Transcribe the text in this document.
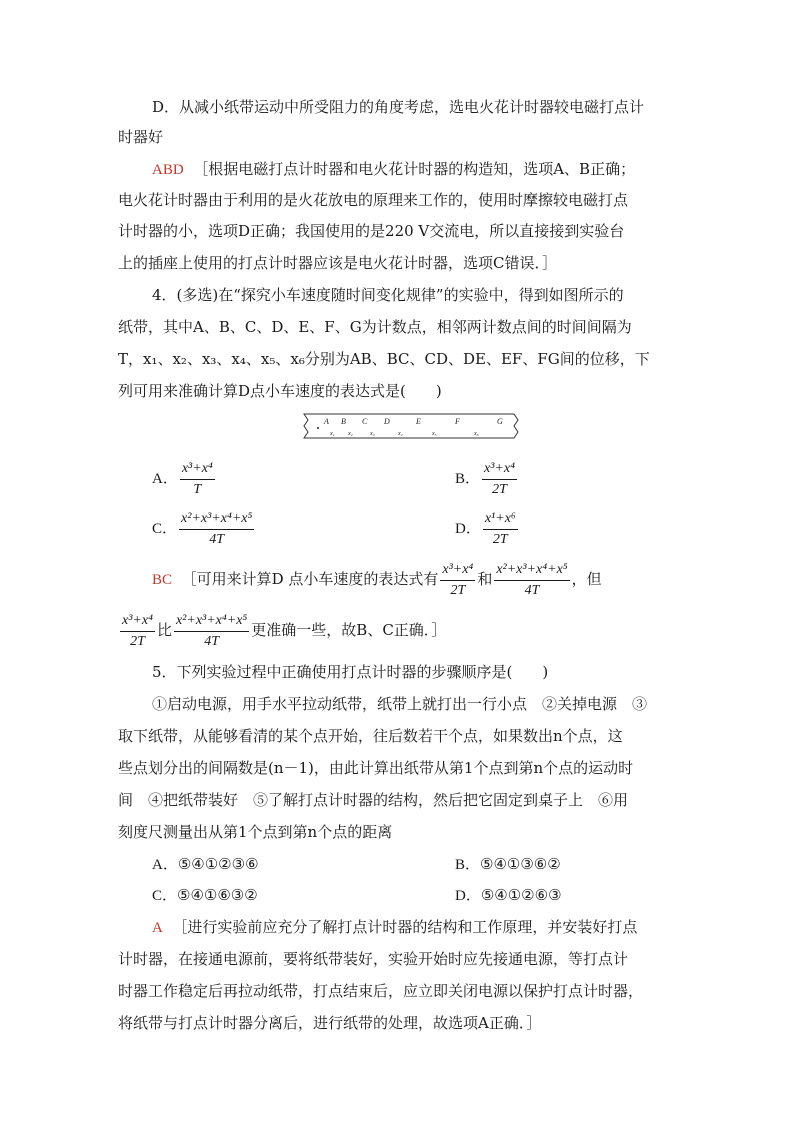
D．从减小纸带运动中所受阻力的角度考虑，选电火花计时器较电磁打点计
时器好
ABD ［根据电磁打点计时器和电火花计时器的构造知，选项A、B正确；
电火花计时器由于利用的是火花放电的原理来工作的，使用时摩擦较电磁打点
计时器的小，选项D正确；我国使用的是220 V交流电，所以直接接到实验台
上的插座上使用的打点计时器应该是电火花计时器，选项C错误．］
4．(多选)在“探究小车速度随时间变化规律”的实验中，得到如图所示的
纸带，其中A、B、C、D、E、F、G为计数点，相邻两计数点间的时间间隔为
T，x₁、x₂、x₃、x₄、x₅、x₆分别为AB、BC、CD、DE、EF、FG间的位移，下
列可用来准确计算D点小车速度的表达式是(　　)
A B C D	E	F	G
x₁ x₂	x₃	x₄	x₅	x₆
A． $\frac{\text{x³+x⁴}}{T}$	B． $\frac{\text{x³+x⁴}}{2T}$
C． $\frac{\text{x²+x³+x⁴+x⁵}}{4T}$	D． $\frac{\text{x¹+x⁶}}{2T}$
BC ［可用来计算D 点小车速度的表达式有 $\frac{\text{x³+x⁴}}{2T}$ 和 $\frac{\text{x²+x³+x⁴+x⁵}}{4T}$ ，但
$\frac{\text{x³+x⁴}}{2T}$ 比 $\frac{\text{x²+x³+x⁴+x⁵}}{4T}$ 更准确一些，故B、C正确．］
5．下列实验过程中正确使用打点计时器的步骤顺序是(　　)
①启动电源，用手水平拉动纸带，纸带上就打出一行小点　②关掉电源　③
取下纸带，从能够看清的某个点开始，往后数若干个点，如果数出n个点，这
些点划分出的间隔数是(n－1)，由此计算出纸带从第1个点到第n个点的运动时
间　④把纸带装好　⑤了解打点计时器的结构，然后把它固定到桌子上　⑥用
刻度尺测量出从第1个点到第n个点的距离
A．⑤④①②③⑥	B．⑤④①③⑥②
C．⑤④①⑥③②	D．⑤④①②⑥③
A ［进行实验前应充分了解打点计时器的结构和工作原理，并安装好打点
计时器，在接通电源前，要将纸带装好，实验开始时应先接通电源，等打点计
时器工作稳定后再拉动纸带，打点结束后，应立即关闭电源以保护打点计时器，
将纸带与打点计时器分离后，进行纸带的处理，故选项A正确．］
